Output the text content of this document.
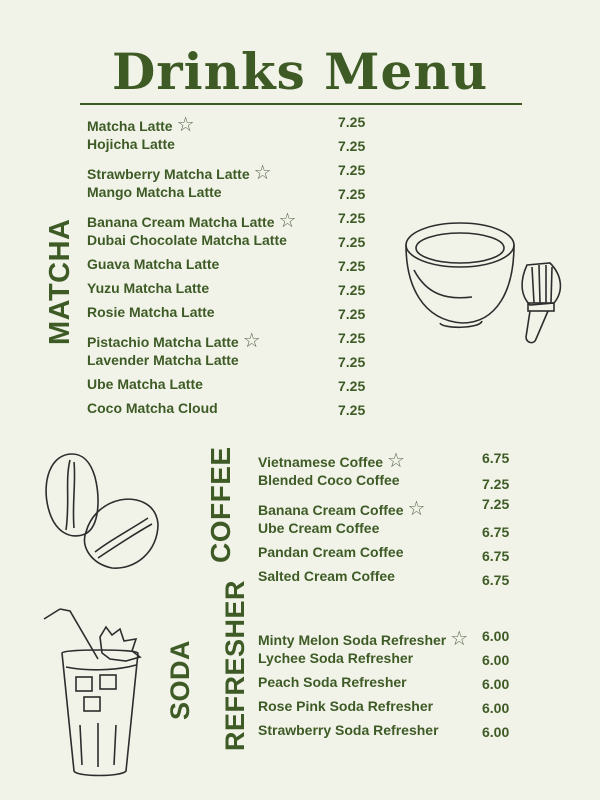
Drinks Menu
MATCHA
COFFEE
SODA REFRESHER
Matcha Latte ☆	7.25
Hojicha Latte	7.25
Strawberry Matcha Latte ☆	7.25
Mango Matcha Latte	7.25
Banana Cream Matcha Latte ☆	7.25
Dubai Chocolate Matcha Latte	7.25
Guava Matcha Latte	7.25
Yuzu Matcha Latte	7.25
Rosie Matcha Latte	7.25
Pistachio Matcha Latte ☆	7.25
Lavender Matcha Latte	7.25
Ube Matcha Latte	7.25
Coco Matcha Cloud	7.25
Vietnamese Coffee ☆	6.75
Blended Coco Coffee	7.25
Banana Cream Coffee ☆	7.25
Ube Cream Coffee	6.75
Pandan Cream Coffee	6.75
Salted Cream Coffee	6.75
Minty Melon Soda Refresher ☆ 6.00
Lychee Soda Refresher	6.00
Peach Soda Refresher	6.00
Rose Pink Soda Refresher	6.00
Strawberry Soda Refresher	6.00
